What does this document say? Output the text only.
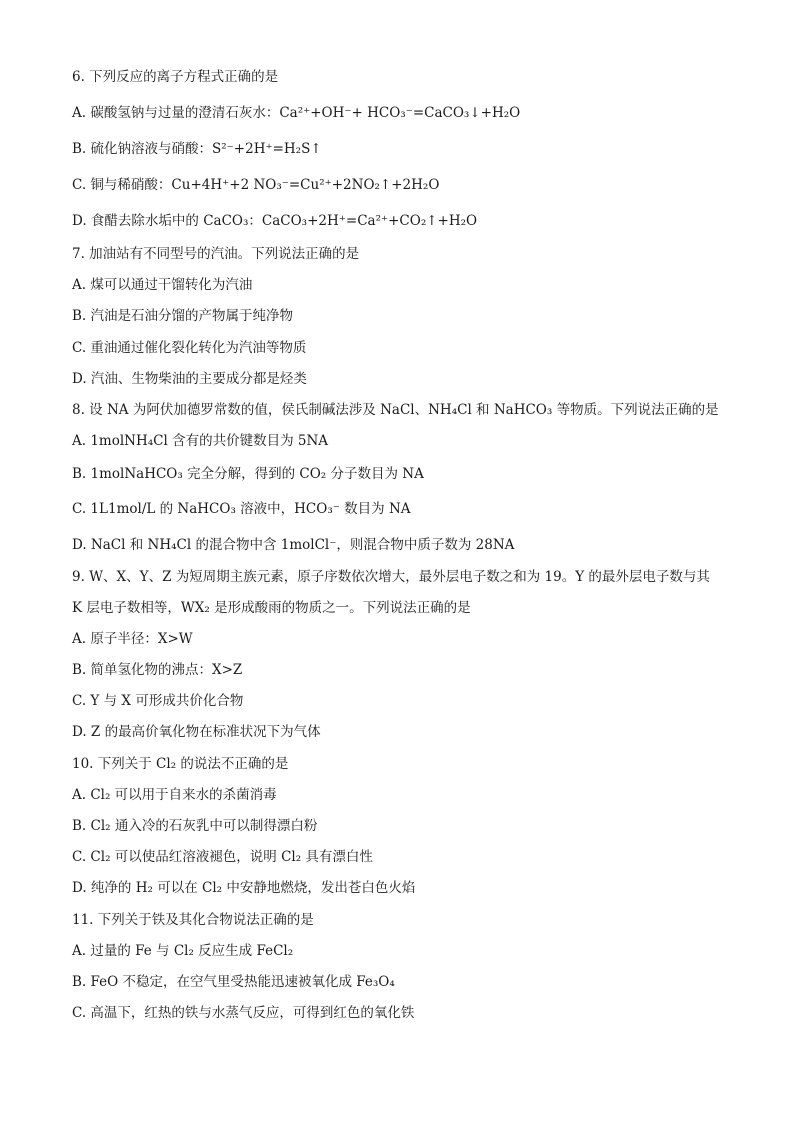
6. 下列反应的离子方程式正确的是
A. 碳酸氢钠与过量的澄清石灰水：Ca²⁺+OH⁻+ HCO₃⁻=CaCO₃↓+H₂O
B. 硫化钠溶液与硝酸：S²⁻+2H⁺=H₂S↑
C. 铜与稀硝酸：Cu+4H⁺+2 NO₃⁻=Cu²⁺+2NO₂↑+2H₂O
D. 食醋去除水垢中的 CaCO₃：CaCO₃+2H⁺=Ca²⁺+CO₂↑+H₂O
7. 加油站有不同型号的汽油。下列说法正确的是
A. 煤可以通过干馏转化为汽油
B. 汽油是石油分馏的产物属于纯净物
C. 重油通过催化裂化转化为汽油等物质
D. 汽油、生物柴油的主要成分都是烃类
8. 设 NA 为阿伏加德罗常数的值，侯氏制碱法涉及 NaCl、NH₄Cl 和 NaHCO₃ 等物质。下列说法正确的是
A. 1molNH₄Cl 含有的共价键数目为 5NA
B. 1molNaHCO₃ 完全分解，得到的 CO₂ 分子数目为 NA
C. 1L1mol/L 的 NaHCO₃ 溶液中，HCO₃⁻ 数目为 NA
D. NaCl 和 NH₄Cl 的混合物中含 1molCl⁻，则混合物中质子数为 28NA
9. W、X、Y、Z 为短周期主族元素，原子序数依次增大，最外层电子数之和为 19。Y 的最外层电子数与其 K 层电子数相等，WX₂ 是形成酸雨的物质之一。下列说法正确的是
A. 原子半径：X>W
B. 简单氢化物的沸点：X>Z
C. Y 与 X 可形成共价化合物
D. Z 的最高价氧化物在标准状况下为气体
10. 下列关于 Cl₂ 的说法不正确的是
A. Cl₂ 可以用于自来水的杀菌消毒
B. Cl₂ 通入冷的石灰乳中可以制得漂白粉
C. Cl₂ 可以使品红溶液褪色，说明 Cl₂ 具有漂白性
D. 纯净的 H₂ 可以在 Cl₂ 中安静地燃烧，发出苍白色火焰
11. 下列关于铁及其化合物说法正确的是
A. 过量的 Fe 与 Cl₂ 反应生成 FeCl₂
B. FeO 不稳定，在空气里受热能迅速被氧化成 Fe₃O₄
C. 高温下，红热的铁与水蒸气反应，可得到红色的氧化铁
